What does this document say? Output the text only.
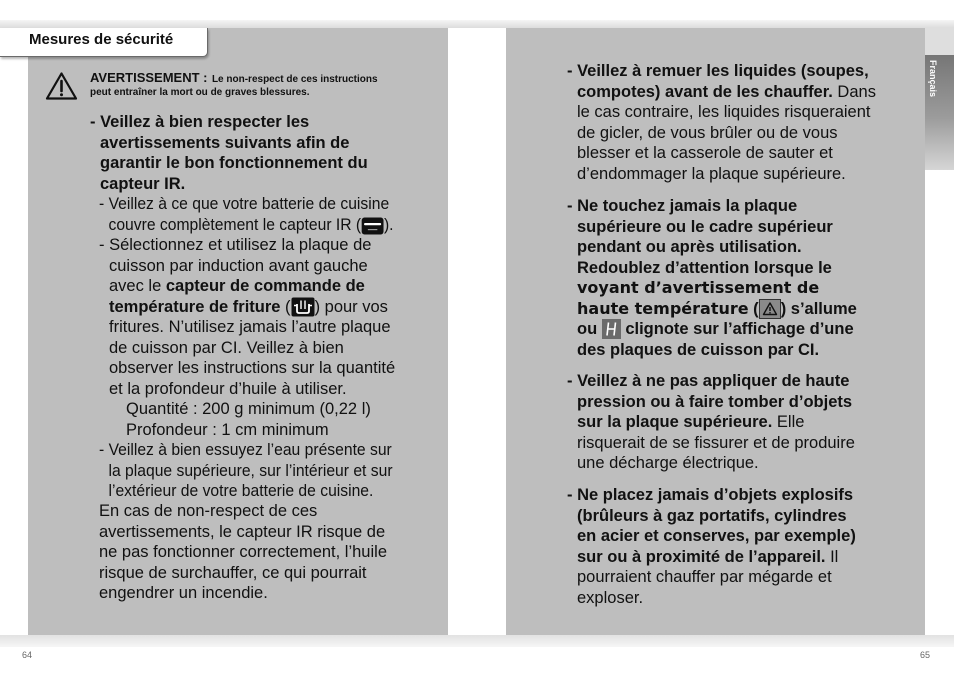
Mesures de sécurité
Français
AVERTISSEMENT : Le non-respect de ces instructions
peut entraîner la mort ou de graves blessures.
- Veillez à bien respecter les
avertissements suivants afin de
garantir le bon fonctionnement du
capteur IR.
- Veillez à ce que votre batterie de cuisine
couvre complètement le capteur IR ( ).
- Sélectionnez et utilisez la plaque de
cuisson par induction avant gauche
avec le capteur de commande de
température de friture ( ) pour vos
fritures. N’utilisez jamais l’autre plaque
de cuisson par CI. Veillez à bien
observer les instructions sur la quantité
et la profondeur d’huile à utiliser.
Quantité : 200 g minimum (0,22 l)
Profondeur : 1 cm minimum
- Veillez à bien essuyez l’eau présente sur
la plaque supérieure, sur l’intérieur et sur
l’extérieur de votre batterie de cuisine.
En cas de non-respect de ces
avertissements, le capteur IR risque de
ne pas fonctionner correctement, l’huile
risque de surchauffer, ce qui pourrait
engendrer un incendie.
- Veillez à remuer les liquides (soupes,
compotes) avant de les chauffer. Dans
le cas contraire, les liquides risqueraient
de gicler, de vous brûler ou de vous
blesser et la casserole de sauter et
d’endommager la plaque supérieure.
- Ne touchez jamais la plaque
supérieure ou le cadre supérieur
pendant ou après utilisation.
Redoublez d’attention lorsque le
voyant d’avertissement de
haute température ( ) s’allume
ou
clignote sur l’affichage d’une
des plaques de cuisson par CI.
- Veillez à ne pas appliquer de haute
pression ou à faire tomber d’objets
sur la plaque supérieure. Elle
risquerait de se fissurer et de produire
une décharge électrique.
- Ne placez jamais d’objets explosifs
(brûleurs à gaz portatifs, cylindres
en acier et conserves, par exemple)
sur ou à proximité de l’appareil. Il
pourraient chauffer par mégarde et
exploser.
64	65
